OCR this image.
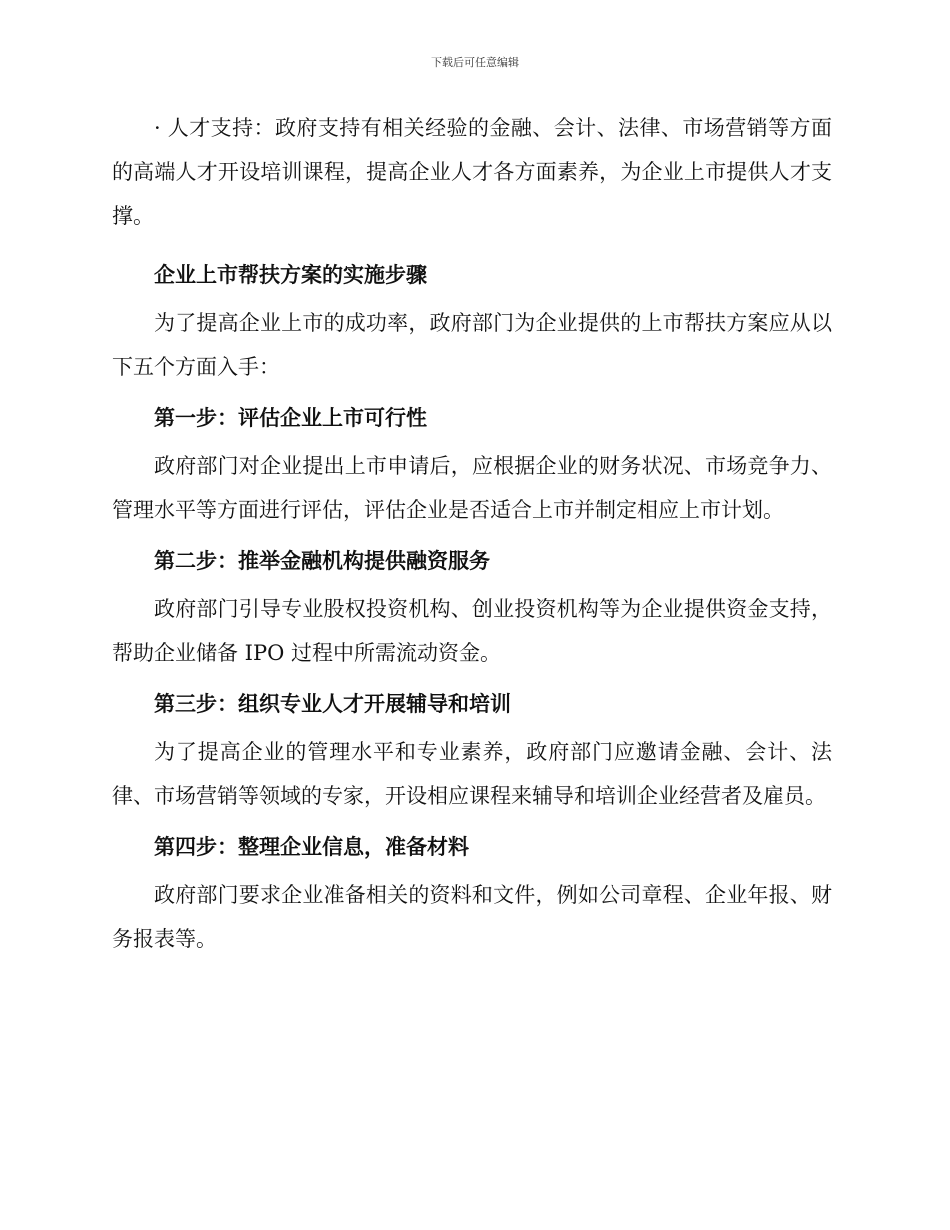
下载后可任意编辑

· 人才支持：政府支持有相关经验的金融、会计、法律、市场营销等方面的高端人才开设培训课程，提高企业人才各方面素养，为企业上市提供人才支撑。

企业上市帮扶方案的实施步骤

为了提高企业上市的成功率，政府部门为企业提供的上市帮扶方案应从以下五个方面入手：

第一步：评估企业上市可行性

政府部门对企业提出上市申请后，应根据企业的财务状况、市场竞争力、管理水平等方面进行评估，评估企业是否适合上市并制定相应上市计划。

第二步：推举金融机构提供融资服务

政府部门引导专业股权投资机构、创业投资机构等为企业提供资金支持，帮助企业储备 IPO 过程中所需流动资金。

第三步：组织专业人才开展辅导和培训

为了提高企业的管理水平和专业素养，政府部门应邀请金融、会计、法律、市场营销等领域的专家，开设相应课程来辅导和培训企业经营者及雇员。

第四步：整理企业信息，准备材料

政府部门要求企业准备相关的资料和文件，例如公司章程、企业年报、财务报表等。
